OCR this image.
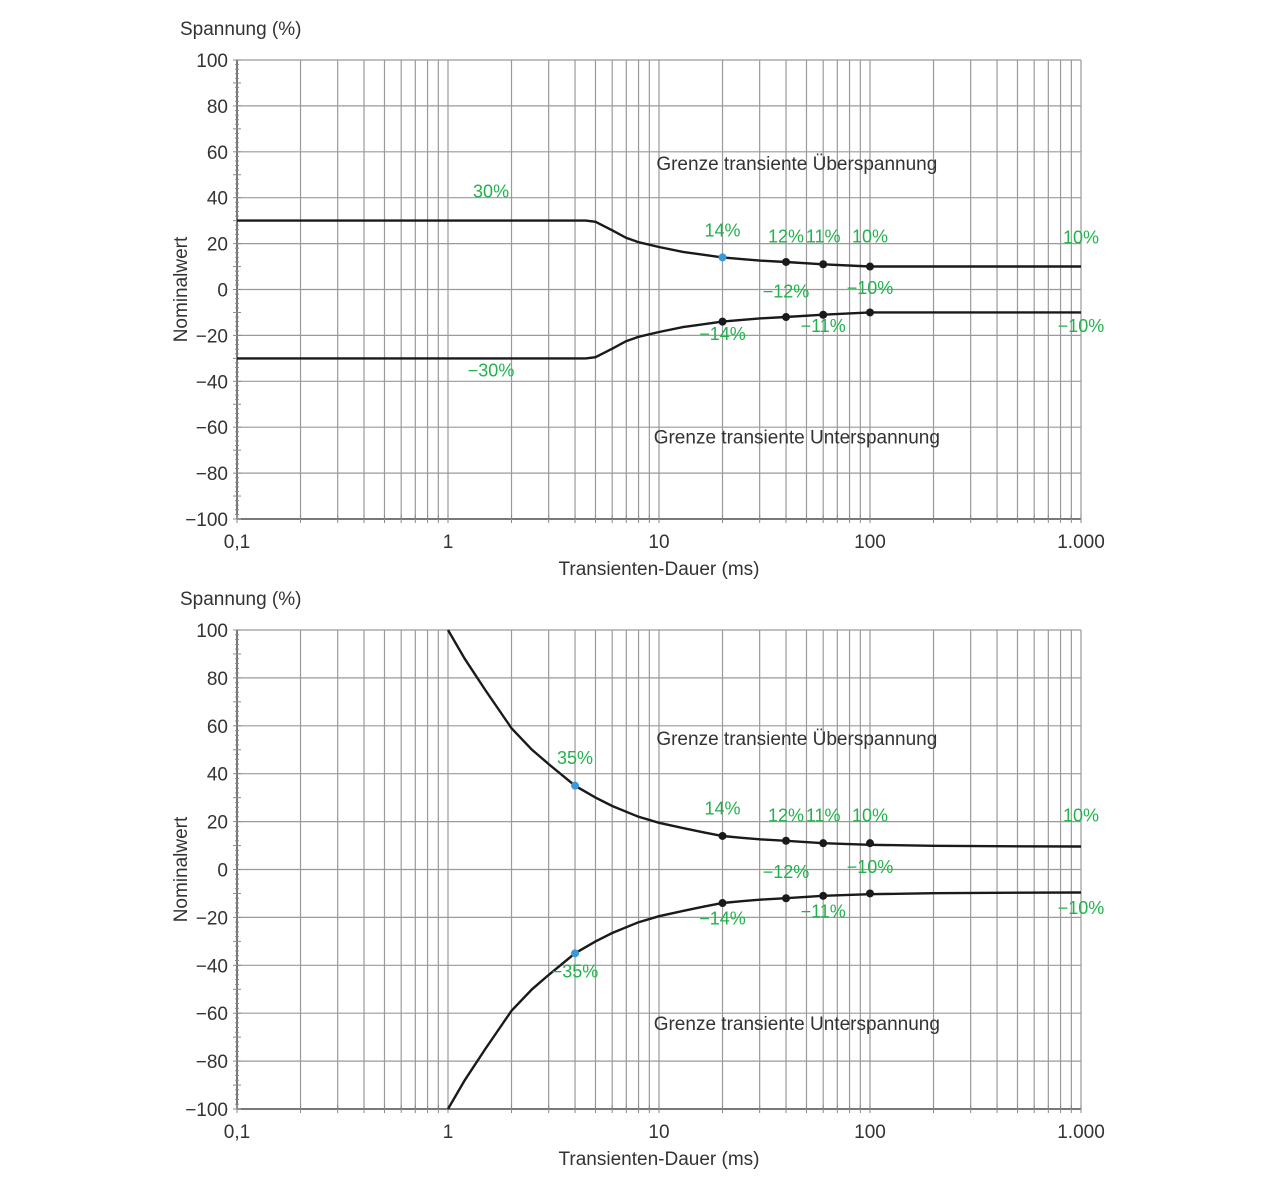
100
80
60
40
20
0
−20
−40
−60
−80
−100
0,1	1	10	100	1.000
Spannung (%)
Transienten-Dauer (ms)
Nominalwert
Grenze transiente Überspannung
Grenze transiente Unterspannung
30%
−30%
14% 12% 11% 10%	10%
−12% −10%
−14%	−11%	−10%
100
80
60
40
20
0
−20
−40
−60
−80
−100
0,1	1	10	100	1.000
Spannung (%)
Transienten-Dauer (ms)
Nominalwert
Grenze transiente Überspannung
Grenze transiente Unterspannung
35%
−35%
14% 12% 11% 10%	10%
−12% −10%
−14%	−11%	−10%
